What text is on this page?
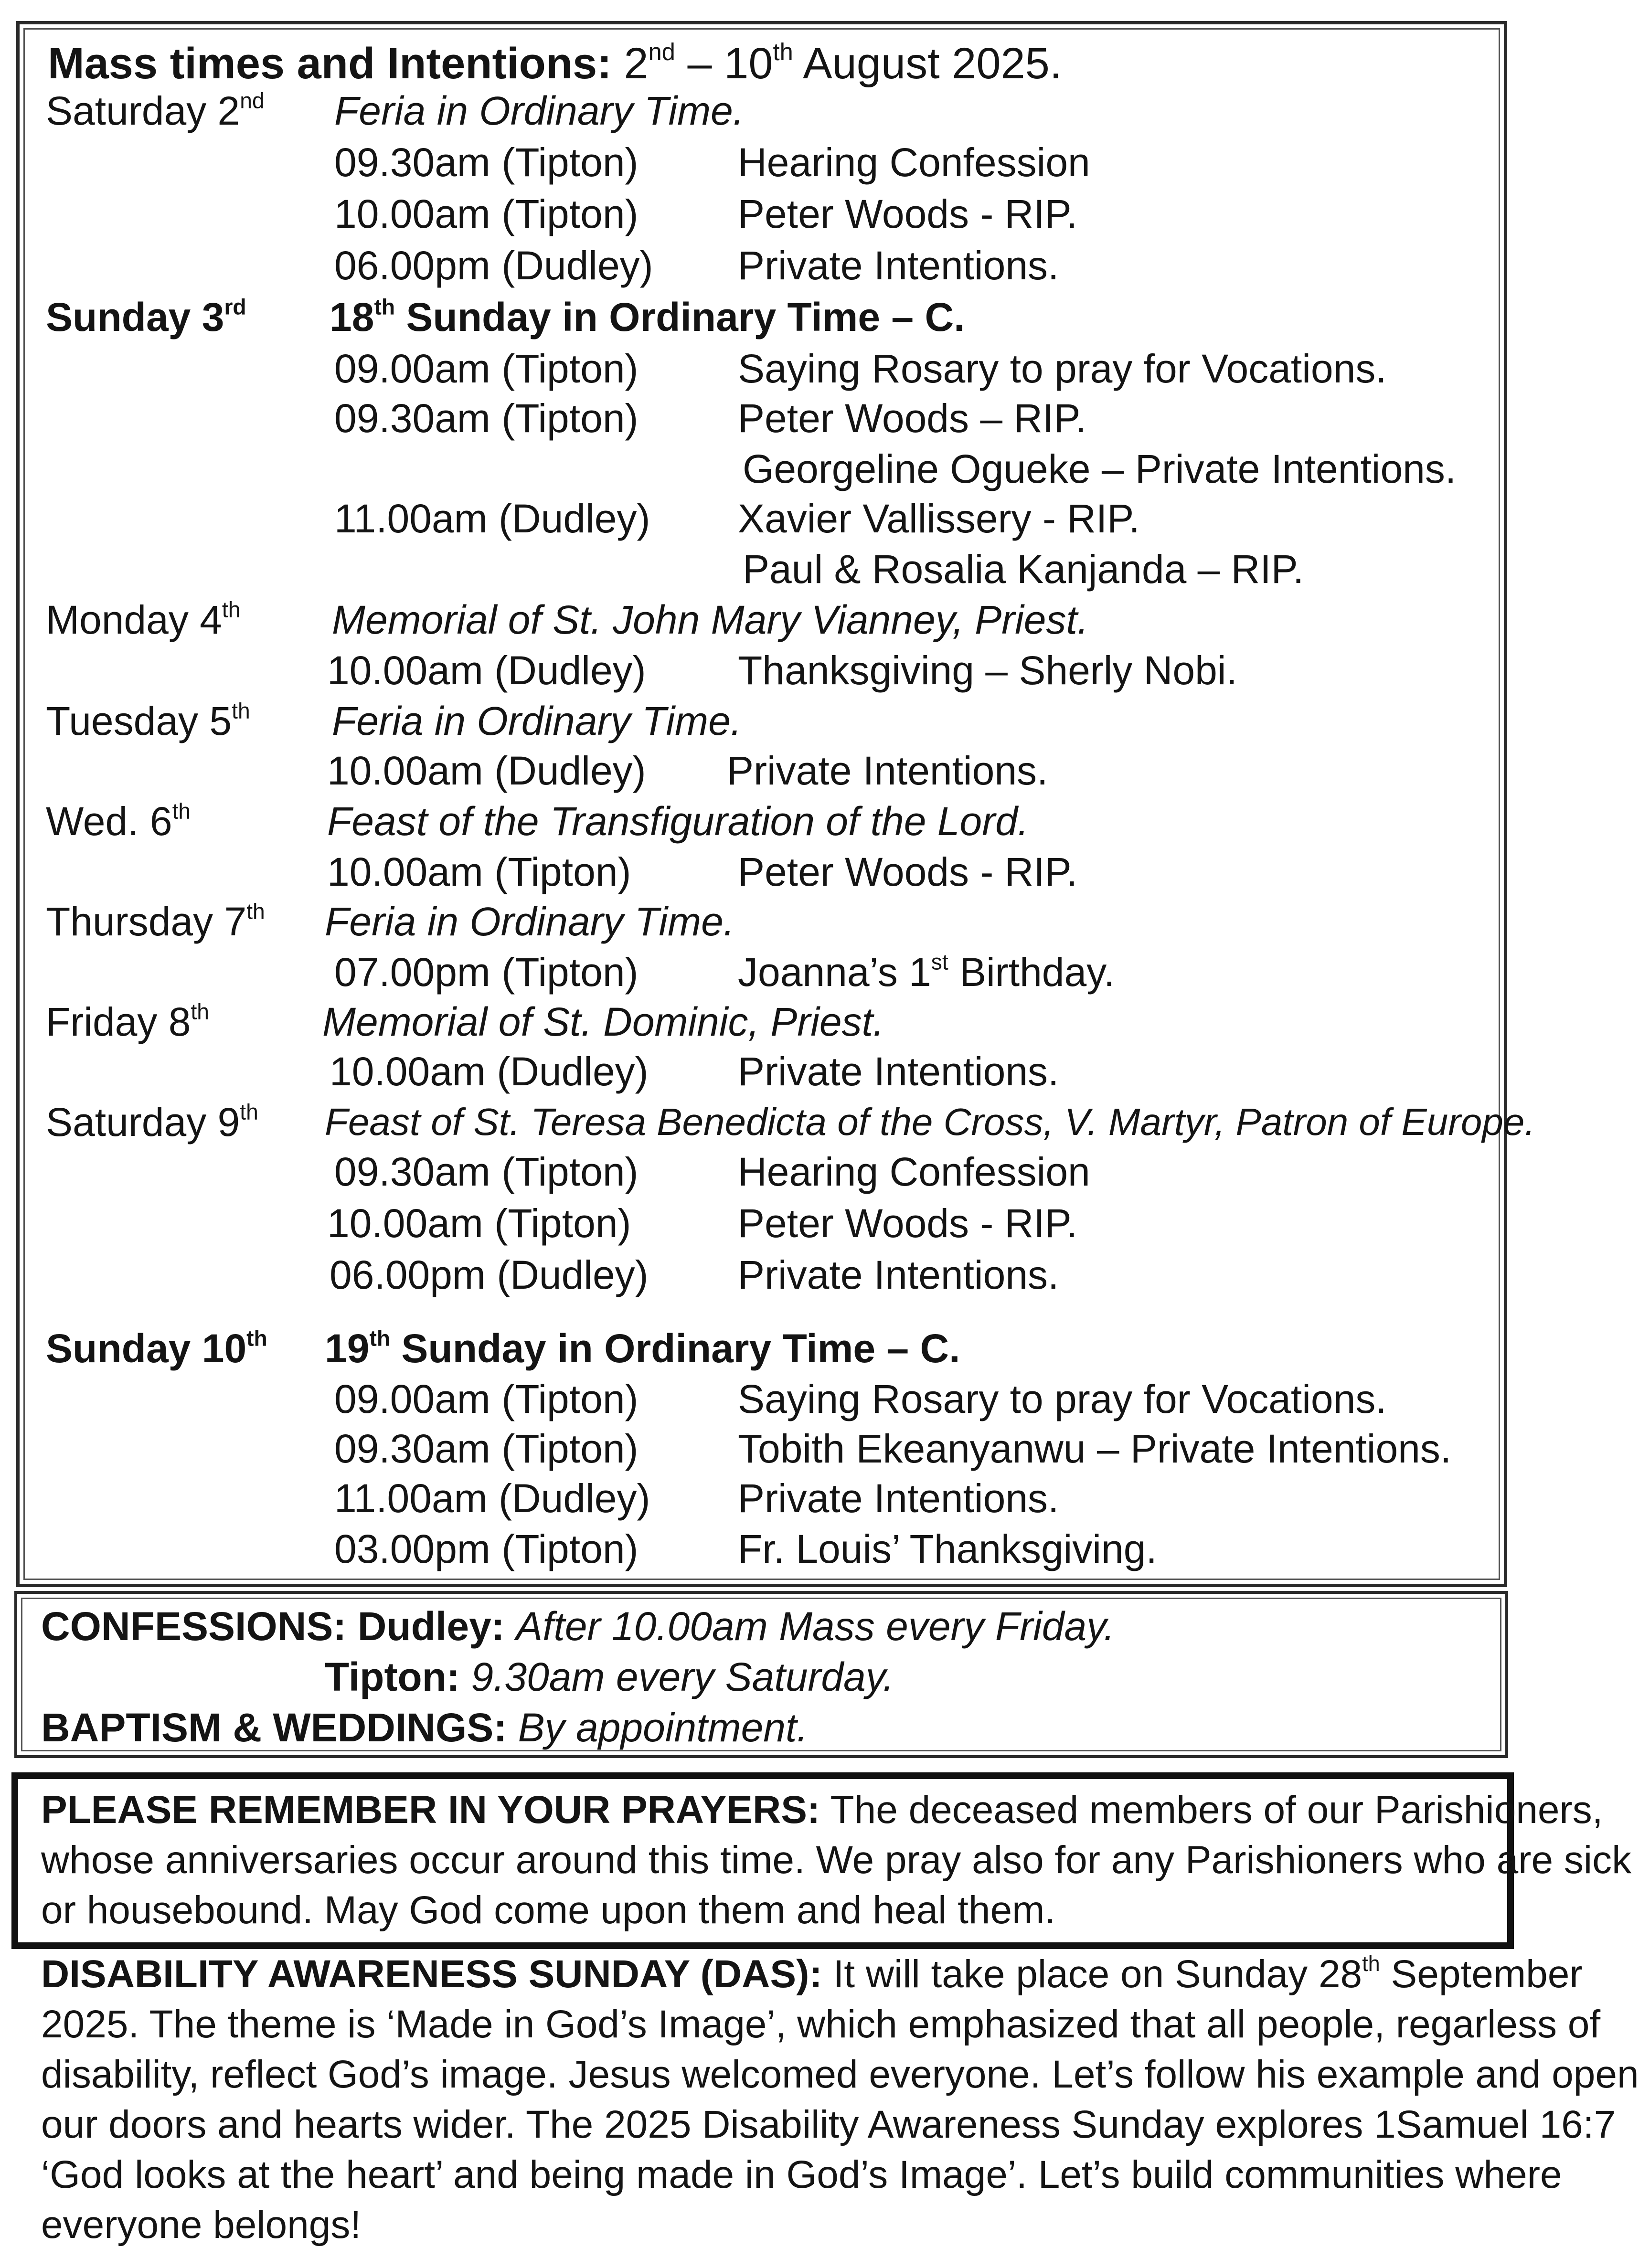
Mass times and Intentions: 2nd – 10th August 2025.
Saturday 2nd Feria in Ordinary Time.
09.30am (Tipton) Hearing Confession
10.00am (Tipton) Peter Woods - RIP.
06.00pm (Dudley) Private Intentions.
Sunday 3rd 18th Sunday in Ordinary Time – C.
09.00am (Tipton) Saying Rosary to pray for Vocations.
09.30am (Tipton) Peter Woods – RIP.
Georgeline Ogueke – Private Intentions.
11.00am (Dudley) Xavier Vallissery - RIP.
Paul & Rosalia Kanjanda – RIP.
Monday 4th Memorial of St. John Mary Vianney, Priest.
10.00am (Dudley) Thanksgiving – Sherly Nobi.
Tuesday 5th Feria in Ordinary Time.
10.00am (Dudley) Private Intentions.
Wed. 6th	Feast of the Transfiguration of the Lord.
10.00am (Tipton)	Peter Woods - RIP.
Thursday 7th Feria in Ordinary Time.
07.00pm (Tipton) Joanna’s 1st Birthday.
Friday 8th	Memorial of St. Dominic, Priest.
10.00am (Dudley) Private Intentions.
Saturday 9th Feast of St. Teresa Benedicta of the Cross, V. Martyr, Patron of Europe.
09.30am (Tipton) Hearing Confession
10.00am (Tipton)	Peter Woods - RIP.
06.00pm (Dudley) Private Intentions.
Sunday 10th 19th Sunday in Ordinary Time – C.
09.00am (Tipton) Saying Rosary to pray for Vocations.
09.30am (Tipton) Tobith Ekeanyanwu – Private Intentions.
11.00am (Dudley) Private Intentions.
03.00pm (Tipton) Fr. Louis’ Thanksgiving.
CONFESSIONS: Dudley: After 10.00am Mass every Friday.
Tipton: 9.30am every Saturday.
BAPTISM & WEDDINGS: By appointment.
PLEASE REMEMBER IN YOUR PRAYERS: The deceased members of our Parishioners,
whose anniversaries occur around this time. We pray also for any Parishioners who are sick
or housebound. May God come upon them and heal them.
DISABILITY AWARENESS SUNDAY (DAS): It will take place on Sunday 28th September
2025. The theme is ‘Made in God’s Image’, which emphasized that all people, regarless of
disability, reflect God’s image. Jesus welcomed everyone. Let’s follow his example and open
our doors and hearts wider. The 2025 Disability Awareness Sunday explores 1Samuel 16:7
‘God looks at the heart’ and being made in God’s Image’. Let’s build communities where
everyone belongs!
